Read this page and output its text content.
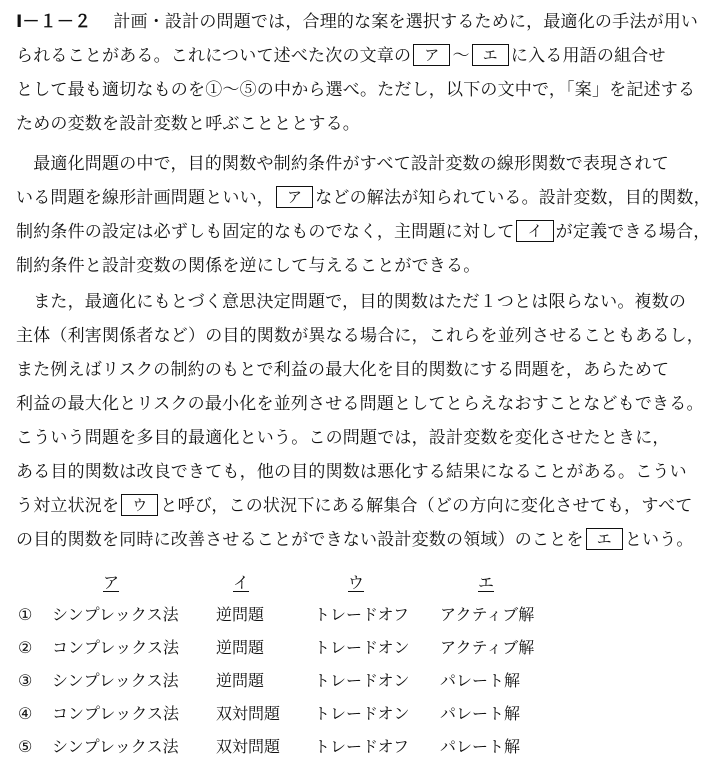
Ⅰ－１－２ 計画・設計の問題では，合理的な案を選択するために，最適化の手法が用い
られることがある。これについて述べた次の文章の ア ～ エ に入る用語の組合せ
として最も適切なものを①～⑤の中から選べ。ただし，以下の文中で，「案」を記述する
ための変数を設計変数と呼ぶことととする。
　最適化問題の中で，目的関数や制約条件がすべて設計変数の線形関数で表現されて
いる問題を線形計画問題といい， ア などの解法が知られている。設計変数，目的関数，
制約条件の設定は必ずしも固定的なものでなく，主問題に対して イ が定義できる場合，
制約条件と設計変数の関係を逆にして与えることができる。
　また，最適化にもとづく意思決定問題で，目的関数はただ１つとは限らない。複数の
主体（利害関係者など）の目的関数が異なる場合に，これらを並列させることもあるし，
また例えばリスクの制約のもとで利益の最大化を目的関数にする問題を，あらためて
利益の最大化とリスクの最小化を並列させる問題としてとらえなおすことなどもできる。
こういう問題を多目的最適化という。この問題では，設計変数を変化させたときに，
ある目的関数は改良できても，他の目的関数は悪化する結果になることがある。こうい
う対立状況を ウ と呼び，この状況下にある解集合（どの方向に変化させても，すべて
の目的関数を同時に改善させることができない設計変数の領域）のことを エ という。
ア	イ	ウ	エ
① シンプレックス法 逆問題	トレードオフ アクティブ解
② コンプレックス法 逆問題	トレードオン アクティブ解
③ シンプレックス法 逆問題	トレードオン パレート解
④ コンプレックス法 双対問題 トレードオン パレート解
⑤ シンプレックス法 双対問題 トレードオフ パレート解
